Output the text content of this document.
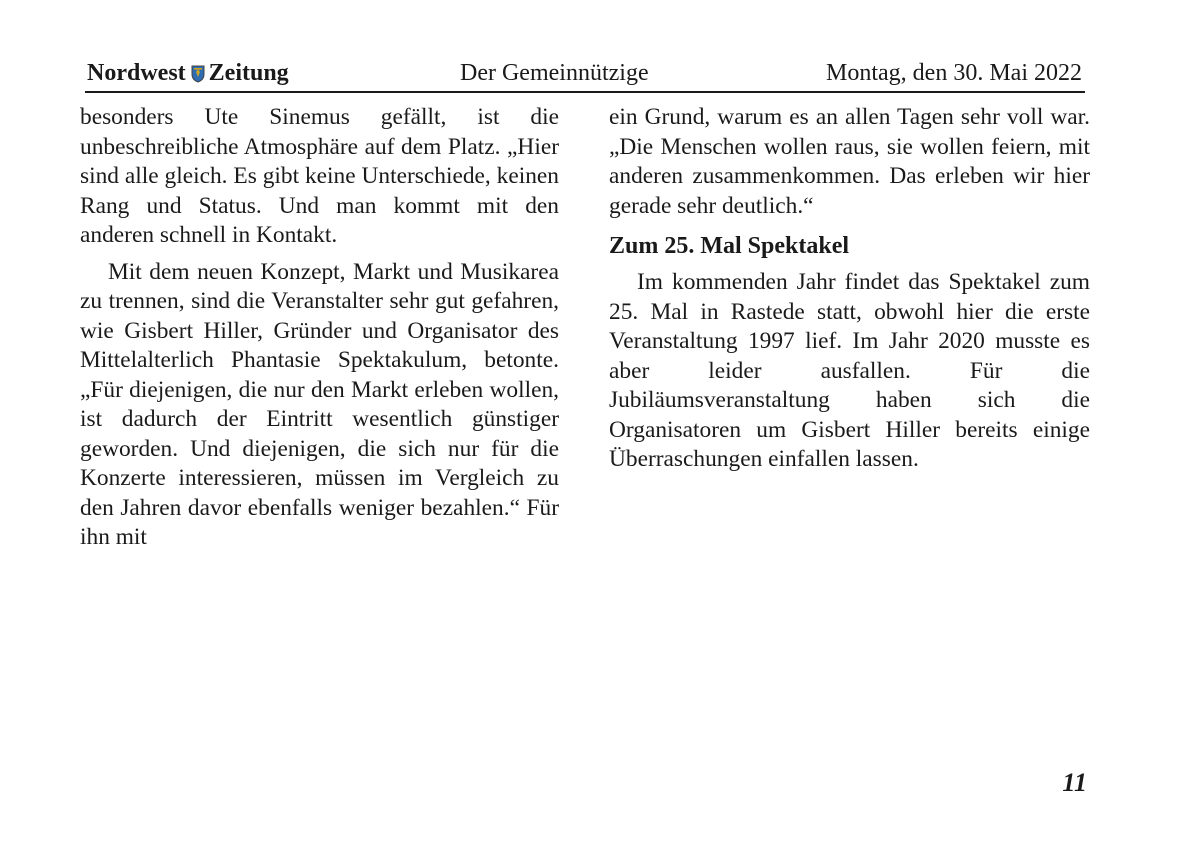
Nordwest Zeitung	Der Gemeinnützige	Montag, den 30. Mai 2022

besonders Ute Sinemus gefällt, ist die unbeschreibliche Atmosphäre auf dem Platz. „Hier sind alle gleich. Es gibt keine Unterschiede, keinen Rang und Status. Und man kommt mit den anderen schnell in Kontakt.

Mit dem neuen Konzept, Markt und Musikarea zu trennen, sind die Veranstalter sehr gut gefahren, wie Gisbert Hiller, Gründer und Organisator des Mittelalterlich Phantasie Spektakulum, betonte. „Für diejenigen, die nur den Markt erleben wollen, ist dadurch der Eintritt wesentlich günstiger geworden. Und diejenigen, die sich nur für die Konzerte interessieren, müssen im Vergleich zu den Jahren davor ebenfalls weniger bezahlen.“ Für ihn mit

ein Grund, warum es an allen Tagen sehr voll war. „Die Menschen wollen raus, sie wollen feiern, mit anderen zusammenkommen. Das erleben wir hier gerade sehr deutlich.“

Zum 25. Mal Spektakel

Im kommenden Jahr findet das Spektakel zum 25. Mal in Rastede statt, obwohl hier die erste Veranstaltung 1997 lief. Im Jahr 2020 musste es aber leider ausfallen. Für die Jubiläumsveranstaltung haben sich die Organisatoren um Gisbert Hiller bereits einige Überraschungen einfallen lassen.

11
